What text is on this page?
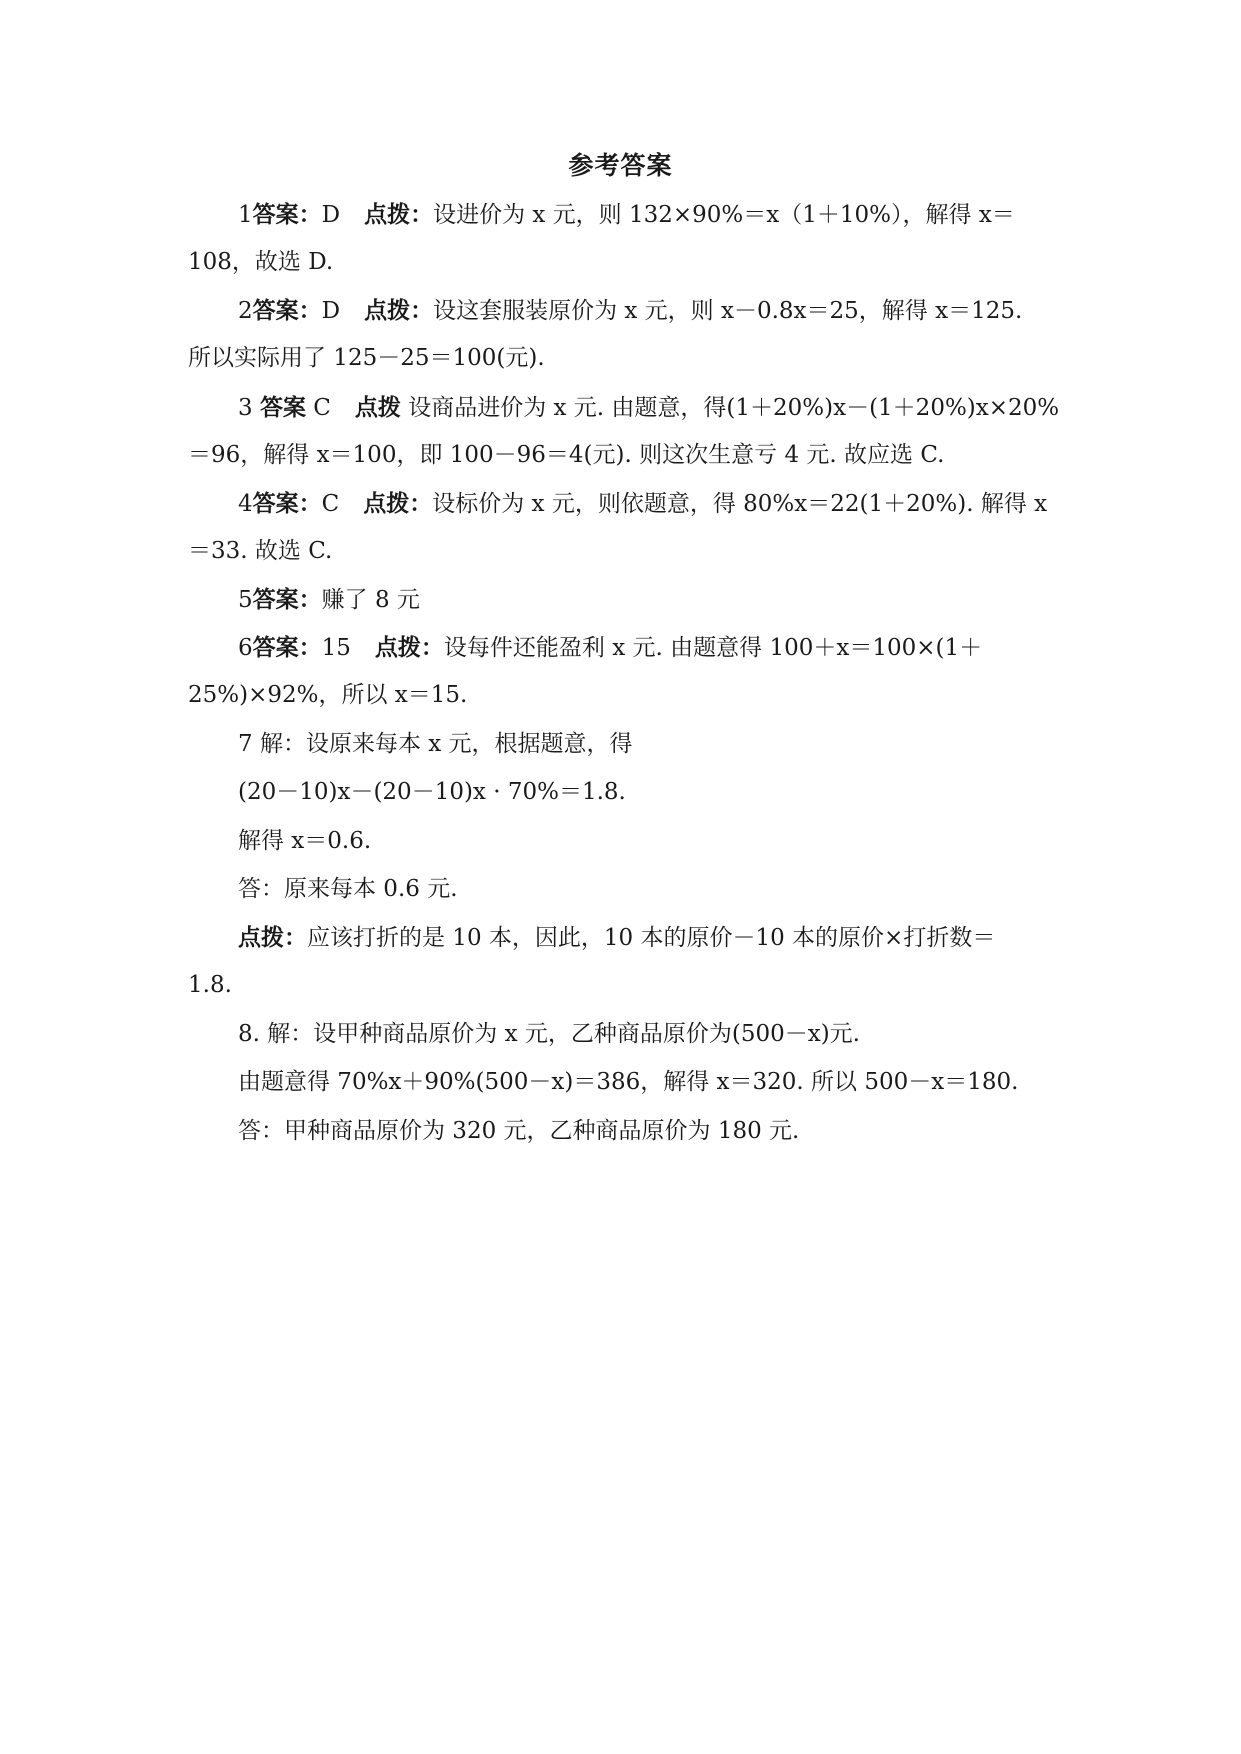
参考答案
1答案：D 点拨：设进价为 x 元，则 132×90%＝x（1＋10%），解得 x＝
108，故选 D.
2答案：D 点拨：设这套服装原价为 x 元，则 x－0.8x＝25，解得 x＝125.
所以实际用了 125－25＝100(元).
3 答案 C 点拨 设商品进价为 x 元. 由题意，得(1＋20%)x－(1＋20%)x×20%
＝96，解得 x＝100，即 100－96＝4(元). 则这次生意亏 4 元. 故应选 C.
4答案：C 点拨：设标价为 x 元，则依题意，得 80%x＝22(1＋20%). 解得 x
＝33. 故选 C.
5答案：赚了 8 元
6答案：15 点拨：设每件还能盈利 x 元. 由题意得 100＋x＝100×(1＋
25%)×92%，所以 x＝15.
7 解：设原来每本 x 元，根据题意，得
(20－10)x－(20－10)x · 70%＝1.8.
解得 x＝0.6.
答：原来每本 0.6 元.
点拨：应该打折的是 10 本，因此，10 本的原价－10 本的原价×打折数＝
1.8.
8. 解：设甲种商品原价为 x 元，乙种商品原价为(500－x)元.
由题意得 70%x＋90%(500－x)＝386，解得 x＝320. 所以 500－x＝180.
答：甲种商品原价为 320 元，乙种商品原价为 180 元.
